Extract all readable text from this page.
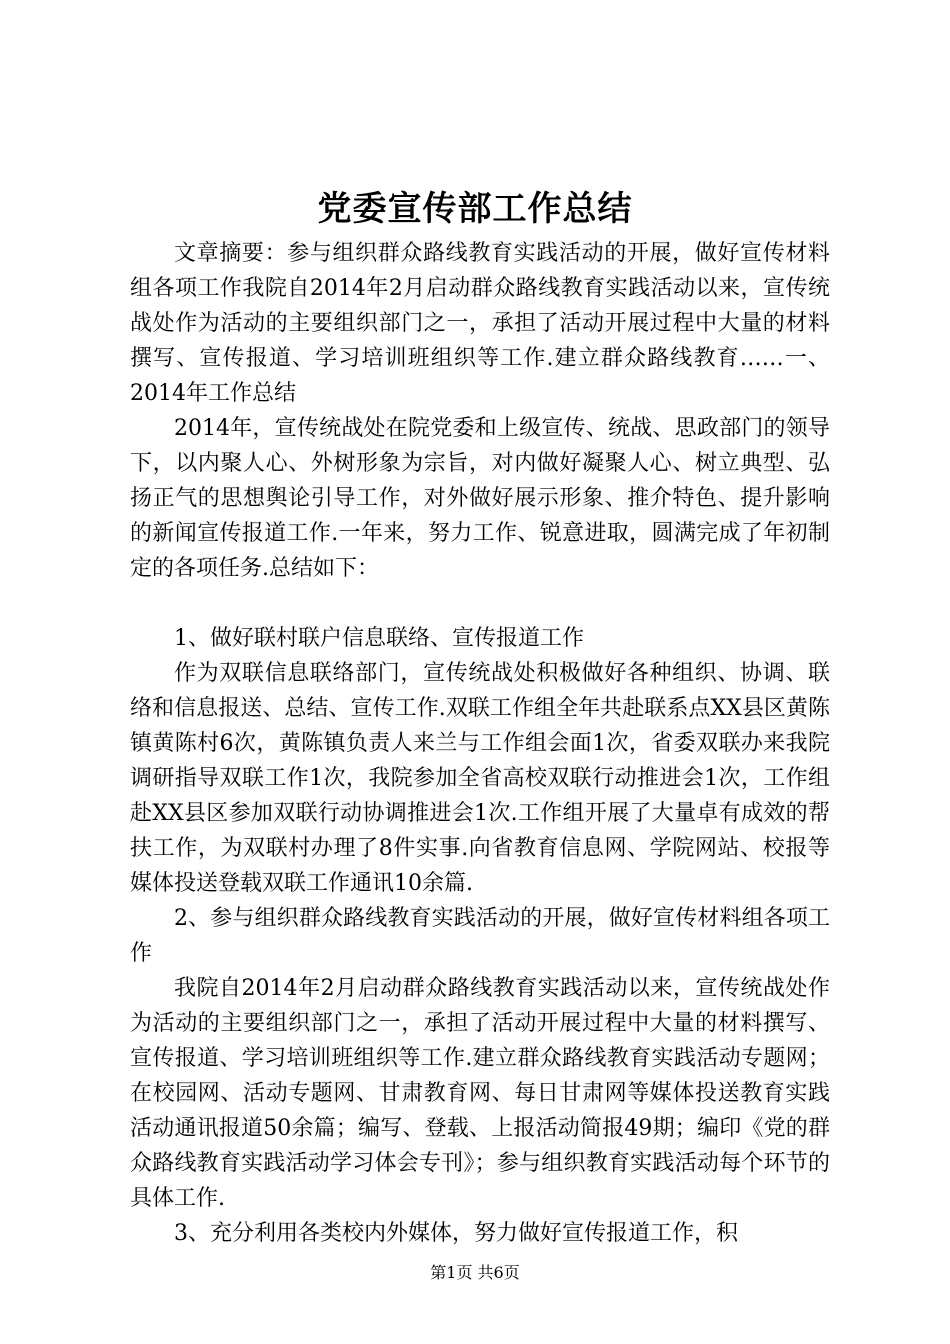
党委宣传部工作总结

文章摘要：参与组织群众路线教育实践活动的开展，做好宣传材料组各项工作我院自2014年2月启动群众路线教育实践活动以来，宣传统战处作为活动的主要组织部门之一，承担了活动开展过程中大量的材料撰写、宣传报道、学习培训班组织等工作.建立群众路线教育……一、2014年工作总结

2014年，宣传统战处在院党委和上级宣传、统战、思政部门的领导下，以内聚人心、外树形象为宗旨，对内做好凝聚人心、树立典型、弘扬正气的思想舆论引导工作，对外做好展示形象、推介特色、提升影响的新闻宣传报道工作.一年来，努力工作、锐意进取，圆满完成了年初制定的各项任务.总结如下：

1、做好联村联户信息联络、宣传报道工作

作为双联信息联络部门，宣传统战处积极做好各种组织、协调、联络和信息报送、总结、宣传工作.双联工作组全年共赴联系点XX县区黄陈镇黄陈村6次，黄陈镇负责人来兰与工作组会面1次，省委双联办来我院调研指导双联工作1次，我院参加全省高校双联行动推进会1次，工作组赴XX县区参加双联行动协调推进会1次.工作组开展了大量卓有成效的帮扶工作，为双联村办理了8件实事.向省教育信息网、学院网站、校报等媒体投送登载双联工作通讯10余篇.

2、参与组织群众路线教育实践活动的开展，做好宣传材料组各项工作

我院自2014年2月启动群众路线教育实践活动以来，宣传统战处作为活动的主要组织部门之一，承担了活动开展过程中大量的材料撰写、宣传报道、学习培训班组织等工作.建立群众路线教育实践活动专题网；在校园网、活动专题网、甘肃教育网、每日甘肃网等媒体投送教育实践活动通讯报道50余篇；编写、登载、上报活动简报49期；编印《党的群众路线教育实践活动学习体会专刊》；参与组织教育实践活动每个环节的具体工作.

3、充分利用各类校内外媒体，努力做好宣传报道工作，积

第1页 共6页
